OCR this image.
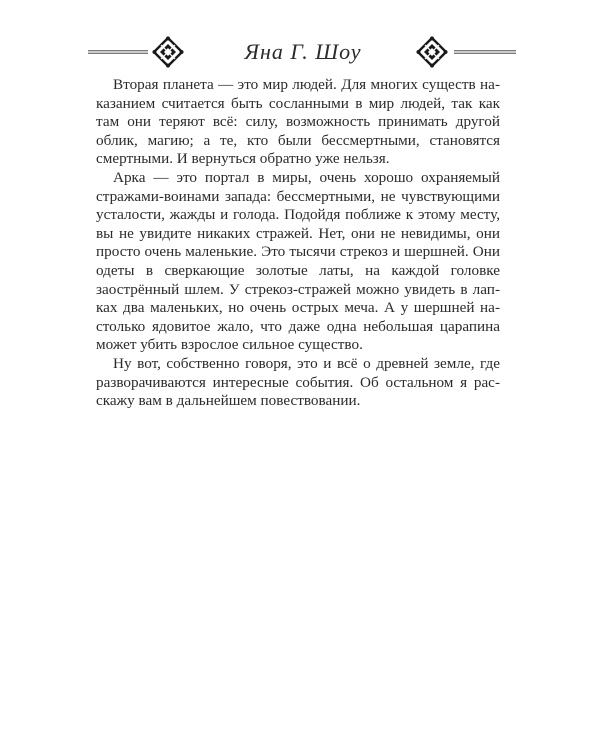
Яна Г. Шоу

Вторая планета — это мир людей. Для многих существ наказанием считается быть сосланными в мир людей, так как там они теряют всё: силу, возможность принимать другой облик, магию; а те, кто были бессмертными, становятся смертными. И вернуться обратно уже нельзя.

Арка — это портал в миры, очень хорошо охраняемый стражами-воинами запада: бессмертными, не чувствующими усталости, жажды и голода. Подойдя поближе к этому месту, вы не увидите никаких стражей. Нет, они не невидимы, они просто очень маленькие. Это тысячи стрекоз и шершней. Они одеты в сверкающие золотые латы, на каждой головке заострённый шлем. У стрекоз-стражей можно увидеть в лапках два маленьких, но очень острых меча. А у шершней настолько ядовитое жало, что даже одна небольшая царапина может убить взрослое сильное существо.

Ну вот, собственно говоря, это и всё о древней земле, где разворачиваются интересные события. Об остальном я расскажу вам в дальнейшем повествовании.
